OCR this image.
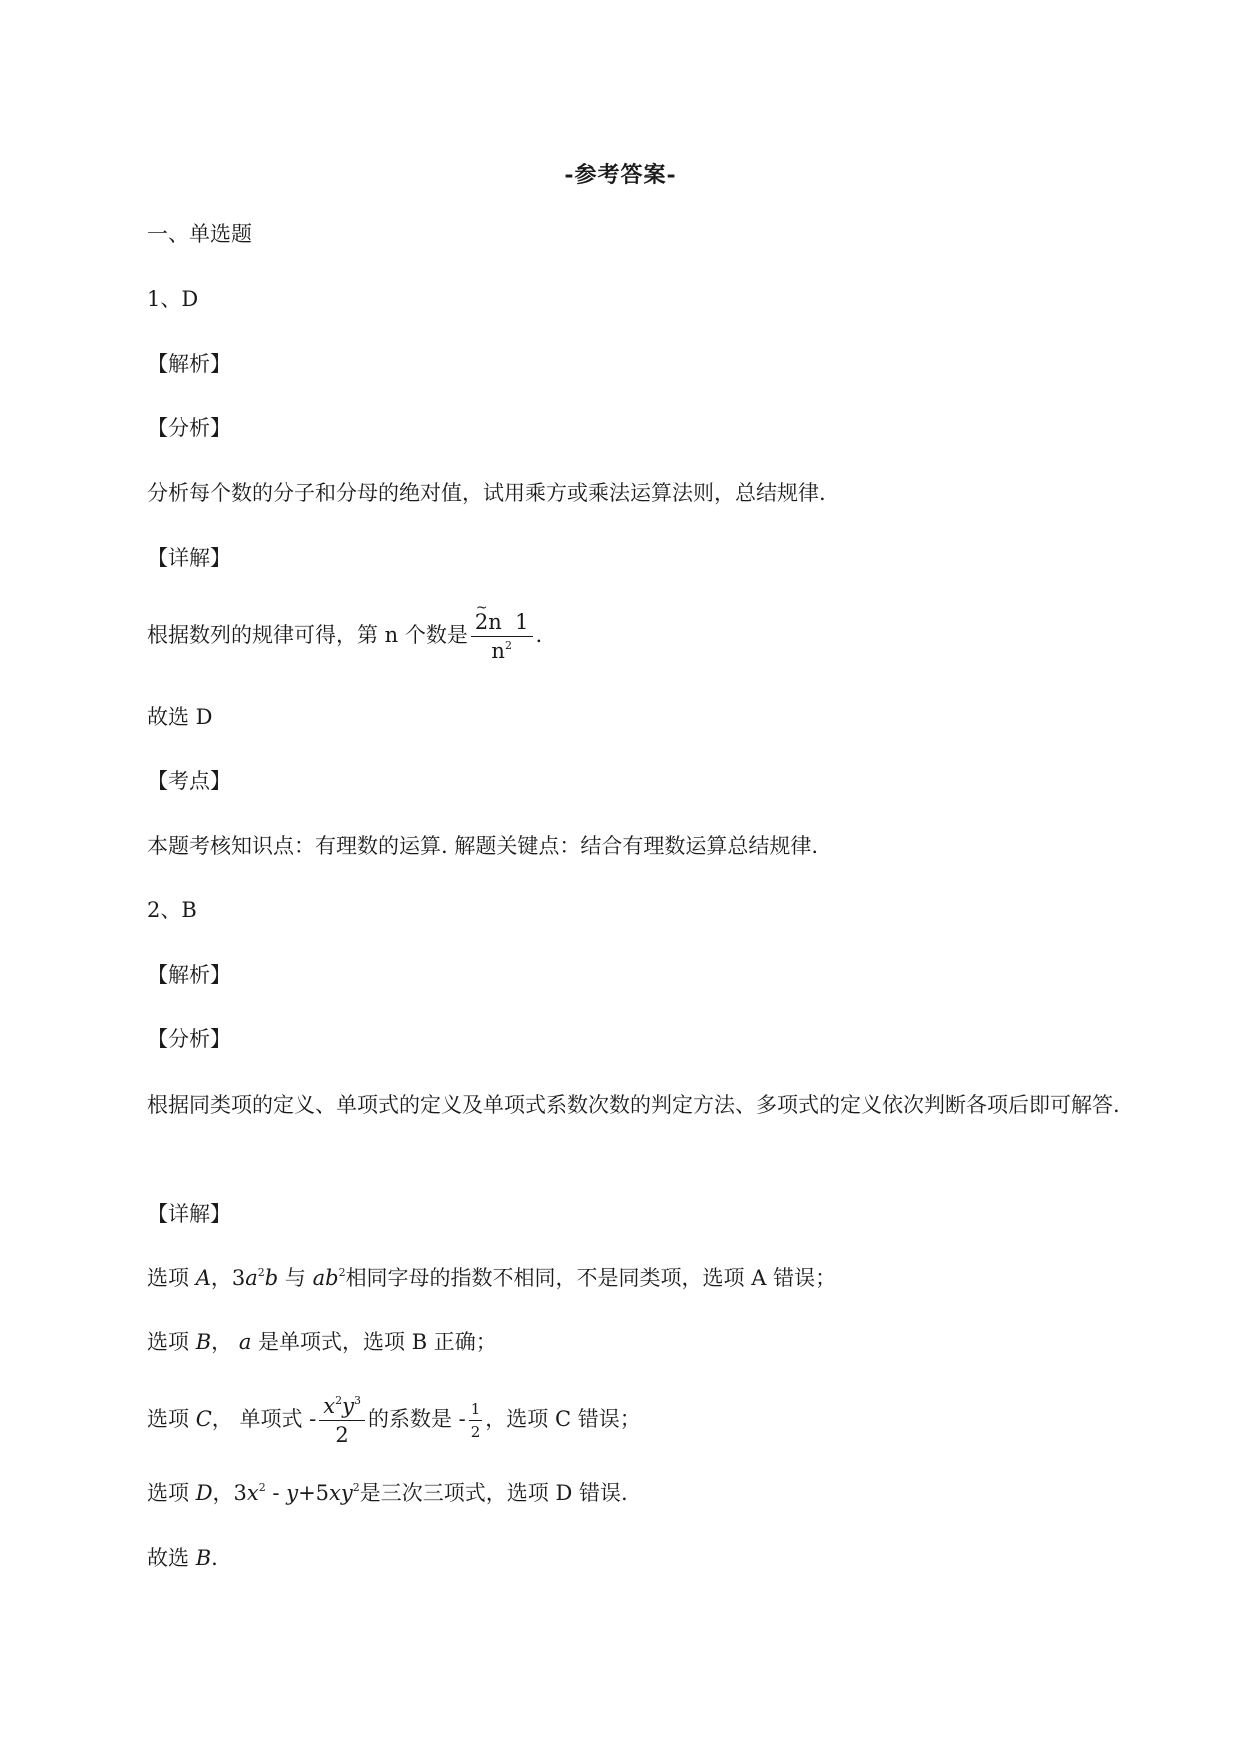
-参考答案-
一、单选题
1、D
【解析】
【分析】
分析每个数的分子和分母的绝对值，试用乘方或乘法运算法则，总结规律.
【详解】
根据数列的规律可得，第 n 个数是 $\frac{2n \sim 1}{n^2}$ .
故选 D
【考点】
本题考核知识点：有理数的运算. 解题关键点：结合有理数运算总结规律.
2、B
【解析】
【分析】
根据同类项的定义、单项式的定义及单项式系数次数的判定方法、多项式的定义依次判断各项后即可解答.
【详解】
选项 A，$3a^2b$ 与 $ab^2$相同字母的指数不相同，不是同类项，选项 A 错误；
选项 B， a 是单项式，选项 B 正确；
选项 C， 单项式 - $\frac{x^2y^3}{2}$ 的系数是 - $\frac{1}{2}$ ，选项 C 错误；
选项 D，$3x^2 - y+5xy^2$是三次三项式，选项 D 错误.
故选 B.
